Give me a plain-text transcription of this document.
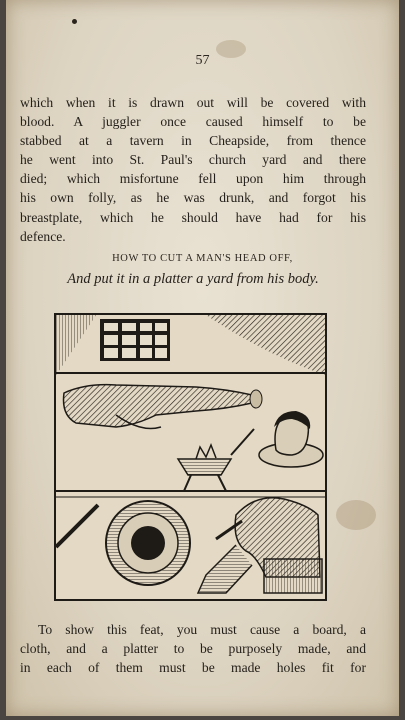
57
which when it is drawn out will be covered with
blood. A juggler once caused himself to be
stabbed at a tavern in Cheapside, from thence
he went into St. Paul's church yard and there
died; which misfortune fell upon him through
his own folly, as he was drunk, and forgot his
breastplate, which he should have had for his
defence.
HOW TO CUT A MAN'S HEAD OFF,
And put it in a platter a yard from his body.
To show this feat, you must cause a board, a
cloth, and a platter to be purposely made, and
in each of them must be made holes fit for
